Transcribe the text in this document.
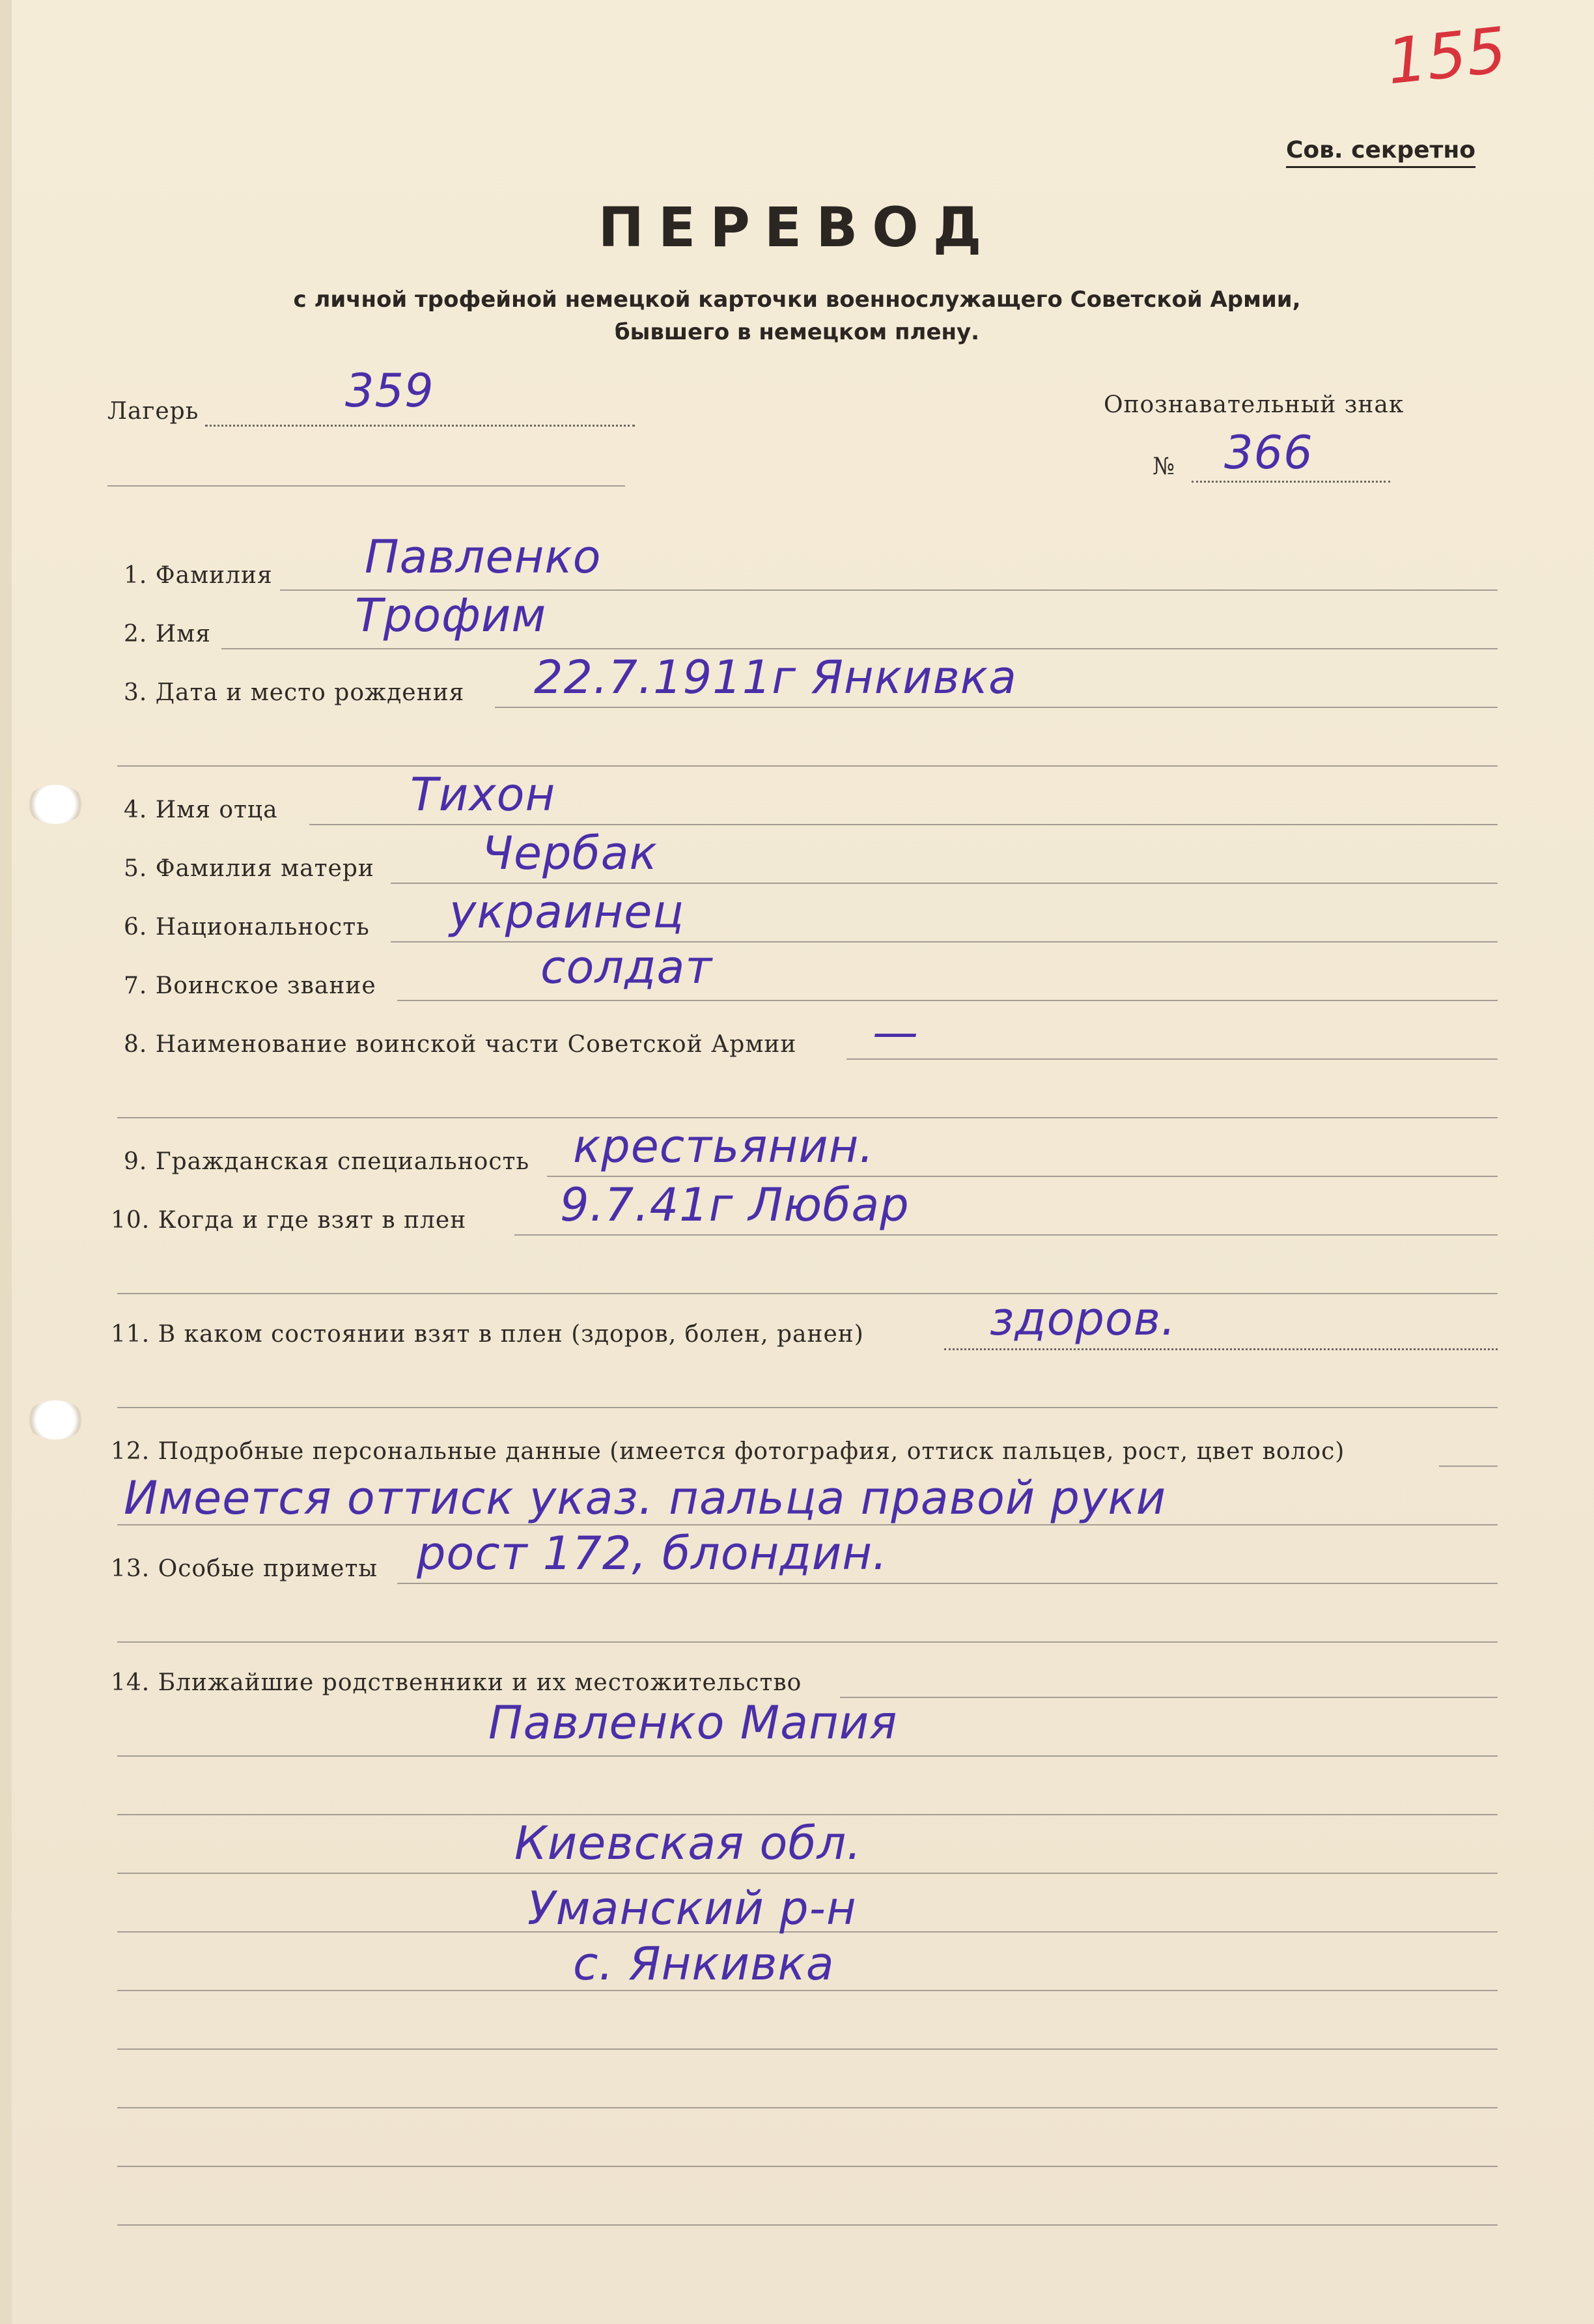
155
Сов. секретно
ПЕРЕВОД
с личной трофейной немецкой карточки военнослужащего Советской Армии,
бывшего в немецком плену.
Лагерь	359	Опознавательный знак
№ 366
1. Фамилия
2. Имя
3. Дата и место рождения
4. Имя отца
5. Фамилия матери
6. Национальность
7. Воинское звание
8. Наименование воинской части Советской Армии
9. Гражданская специальность
10. Когда и где взят в плен
11. В каком состоянии взят в плен (здоров, болен, ранен)
12. Подробные персональные данные (имеется фотография, оттиск пальцев, рост, цвет волос)
13. Особые приметы
14. Ближайшие родственники и их местожительство
Павленко
Трофим
22.7.1911г Янкивка
Тихон
Чербак
украинец
солдат
—
крестьянин.
9.7.41г Любар
здоров.
Имеется оттиск указ. пальца правой руки
рост 172, блондин.
Павленко Мапия
Киевская обл.
Уманский р-н
с. Янкивка
